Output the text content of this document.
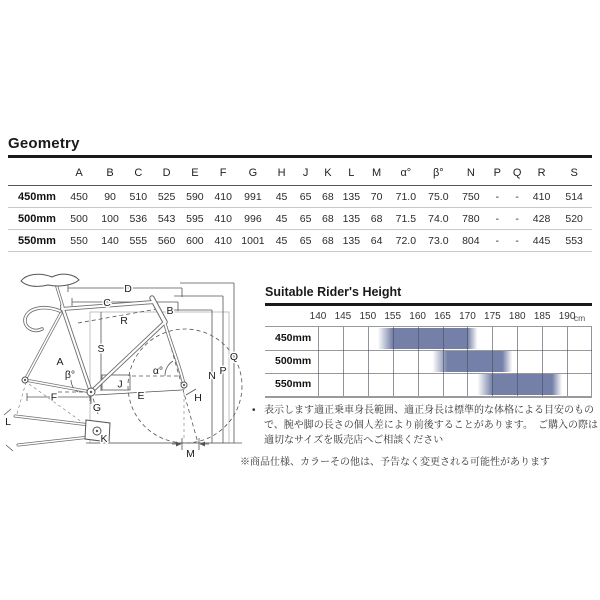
Geometry
	A	B	C	D	E	F	G	H	J	K	L	M	α°	β°	N	P	Q	R	S
450mm	450	90	510	525	590	410	991	45	65	68	135	70	71.0	75.0	750	-	-	410	514
500mm	500	100	536	543	595	410	996	45	65	68	135	68	71.5	74.0	780	-	-	428	520
550mm	550	140	555	560	600	410	1001	45	65	68	135	64	72.0	73.0	804	-	-	445	553
D
C
B
R
S
A
β°
J
F	E
G
H
α°	N P
Q
K
L
M
Suitable Rider's Height
140 145 150 155 160 165 170 175 180 185 190
cm
450mm
500mm
550mm
• 表示します適正乗車身長範囲、適正身長は標準的な体格による目安のもので、腕や脚の長さの個人差により前後することがあります。　ご購入の際は適切なサイズを販売店へご相談ください
※商品仕様、カラーその他は、予告なく変更される可能性があります
